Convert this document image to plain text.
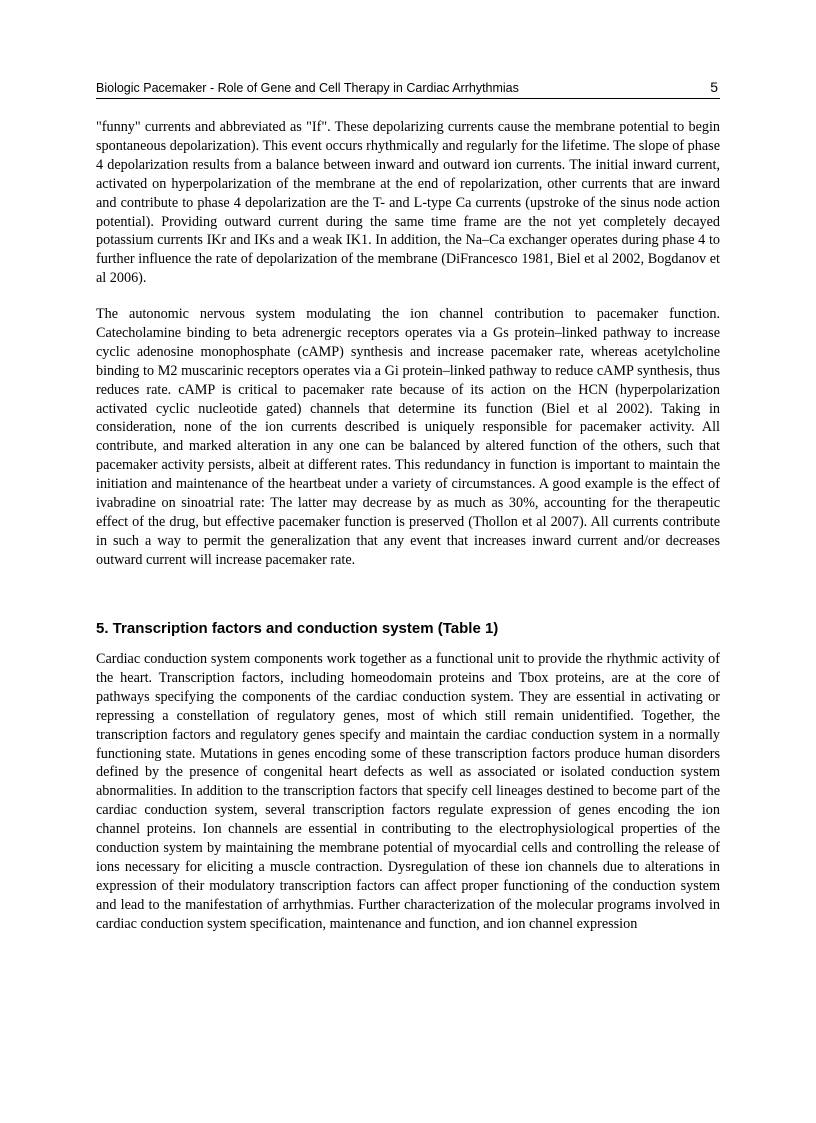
Biologic Pacemaker - Role of Gene and Cell Therapy in Cardiac Arrhythmias	5

"funny" currents and abbreviated as "If". These depolarizing currents cause the membrane potential to begin spontaneous depolarization). This event occurs rhythmically and regularly for the lifetime. The slope of phase 4 depolarization results from a balance between inward and outward ion currents. The initial inward current, activated on hyperpolarization of the membrane at the end of repolarization, other currents that are inward and contribute to phase 4 depolarization are the T- and L-type Ca currents (upstroke of the sinus node action potential). Providing outward current during the same time frame are the not yet completely decayed potassium currents IKr and IKs and a weak IK1. In addition, the Na–Ca exchanger operates during phase 4 to further influence the rate of depolarization of the membrane (DiFrancesco 1981, Biel et al 2002, Bogdanov et al 2006).

The autonomic nervous system modulating the ion channel contribution to pacemaker function. Catecholamine binding to beta adrenergic receptors operates via a Gs protein–linked pathway to increase cyclic adenosine monophosphate (cAMP) synthesis and increase pacemaker rate, whereas acetylcholine binding to M2 muscarinic receptors operates via a Gi protein–linked pathway to reduce cAMP synthesis, thus reduces rate. cAMP is critical to pacemaker rate because of its action on the HCN (hyperpolarization activated cyclic nucleotide gated) channels that determine its function (Biel et al 2002). Taking in consideration, none of the ion currents described is uniquely responsible for pacemaker activity. All contribute, and marked alteration in any one can be balanced by altered function of the others, such that pacemaker activity persists, albeit at different rates. This redundancy in function is important to maintain the initiation and maintenance of the heartbeat under a variety of circumstances. A good example is the effect of ivabradine on sinoatrial rate: The latter may decrease by as much as 30%, accounting for the therapeutic effect of the drug, but effective pacemaker function is preserved (Thollon et al 2007). All currents contribute in such a way to permit the generalization that any event that increases inward current and/or decreases outward current will increase pacemaker rate.

5. Transcription factors and conduction system (Table 1)

Cardiac conduction system components work together as a functional unit to provide the rhythmic activity of the heart. Transcription factors, including homeodomain proteins and Tbox proteins, are at the core of pathways specifying the components of the cardiac conduction system. They are essential in activating or repressing a constellation of regulatory genes, most of which still remain unidentified. Together, the transcription factors and regulatory genes specify and maintain the cardiac conduction system in a normally functioning state. Mutations in genes encoding some of these transcription factors produce human disorders defined by the presence of congenital heart defects as well as associated or isolated conduction system abnormalities. In addition to the transcription factors that specify cell lineages destined to become part of the cardiac conduction system, several transcription factors regulate expression of genes encoding the ion channel proteins. Ion channels are essential in contributing to the electrophysiological properties of the conduction system by maintaining the membrane potential of myocardial cells and controlling the release of ions necessary for eliciting a muscle contraction. Dysregulation of these ion channels due to alterations in expression of their modulatory transcription factors can affect proper functioning of the conduction system and lead to the manifestation of arrhythmias. Further characterization of the molecular programs involved in cardiac conduction system specification, maintenance and function, and ion channel expression
